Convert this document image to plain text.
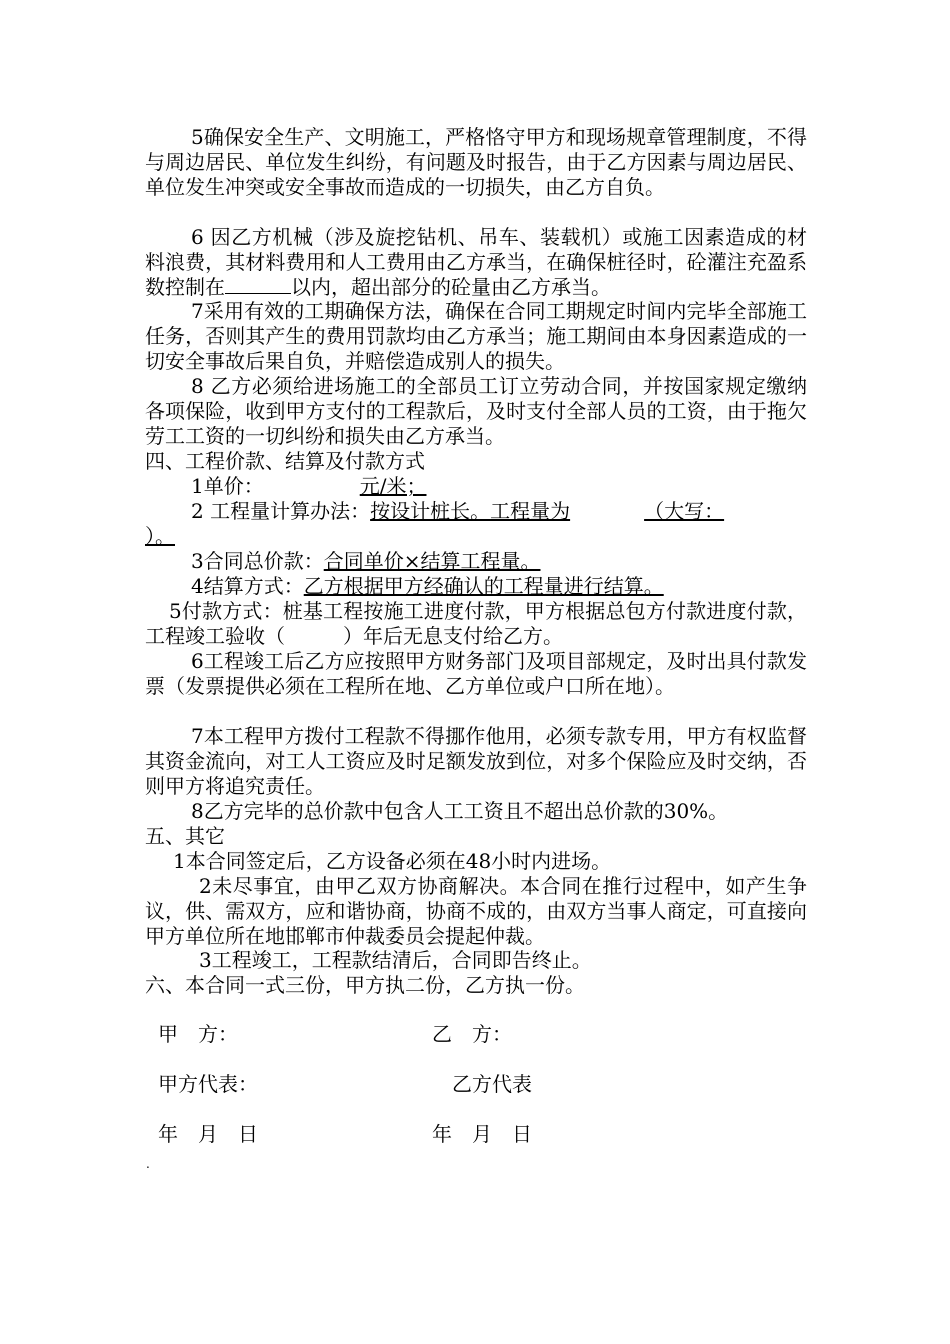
5确保安全生产、文明施工，严格恪守甲方和现场规章管理制度，不得与周边居民、单位发生纠纷，有问题及时报告，由于乙方因素与周边居民、单位发生冲突或安全事故而造成的一切损失，由乙方自负。

6 因乙方机械（涉及旋挖钻机、吊车、装载机）或施工因素造成的材料浪费，其材料费用和人工费用由乙方承当，在确保桩径时，砼灌注充盈系数控制在	以内，超出部分的砼量由乙方承当。

7采用有效的工期确保方法，确保在合同工期规定时间内完毕全部施工任务，否则其产生的费用罚款均由乙方承当；施工期间由本身因素造成的一切安全事故后果自负，并赔偿造成别人的损失。

8 乙方必须给进场施工的全部员工订立劳动合同，并按国家规定缴纳各项保险，收到甲方支付的工程款后，及时支付全部人员的工资，由于拖欠劳工工资的一切纠纷和损失由乙方承当。

四、工程价款、结算及付款方式

1单价：	元/米；

2 工程量计算办法：按设计桩长。工程量为	（大写：
）。

3合同总价款：合同单价×结算工程量。

4结算方式：乙方根据甲方经确认的工程量进行结算。

5付款方式：桩基工程按施工进度付款，甲方根据总包方付款进度付款，工程竣工验收（	）年后无息支付给乙方。

6工程竣工后乙方应按照甲方财务部门及项目部规定，及时出具付款发票（发票提供必须在工程所在地、乙方单位或户口所在地）。

7本工程甲方拨付工程款不得挪作他用，必须专款专用，甲方有权监督其资金流向，对工人工资应及时足额发放到位，对多个保险应及时交纳，否则甲方将追究责任。

8乙方完毕的总价款中包含人工工资且不超出总价款的30%。

五、其它

1本合同签定后，乙方设备必须在48小时内进场。

2未尽事宜，由甲乙双方协商解决。本合同在推行过程中，如产生争议，供、需双方，应和谐协商，协商不成的，由双方当事人商定，可直接向甲方单位所在地邯郸市仲裁委员会提起仲裁。

3工程竣工，工程款结清后，合同即告终止。

六、本合同一式三份，甲方执二份，乙方执一份。

甲　方：	乙　方：
甲方代表：	乙方代表
年　月　日	年　月　日
.
